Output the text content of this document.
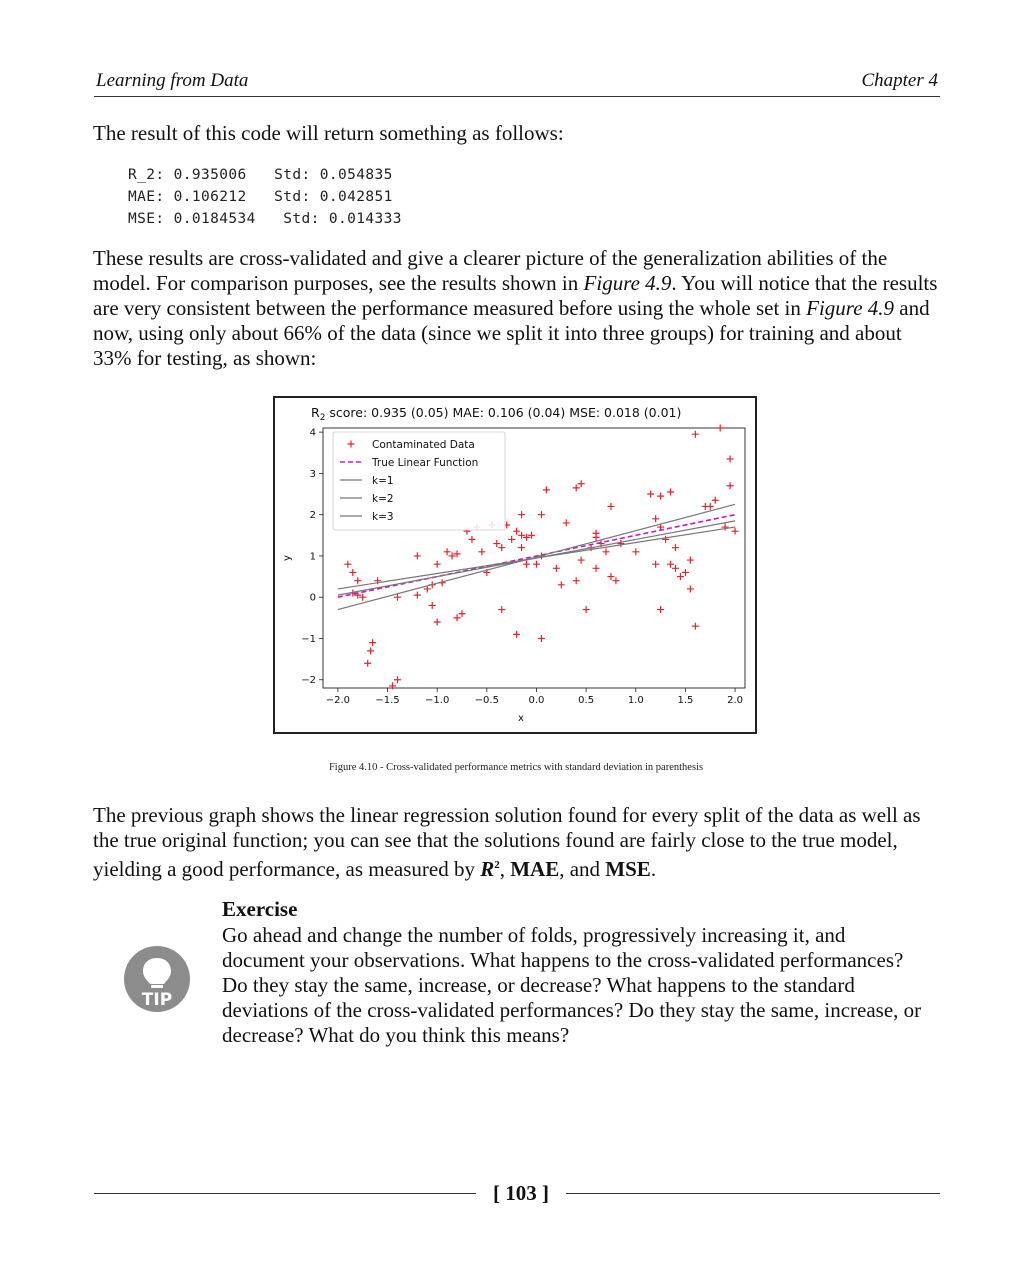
Learning from Data	Chapter 4
The result of this code will return something as follows:
R_2: 0.935006   Std: 0.054835
MAE: 0.106212   Std: 0.042851
MSE: 0.0184534   Std: 0.014333
These results are cross-validated and give a clearer picture of the generalization abilities of the model. For comparison purposes, see the results shown in Figure 4.9. You will notice that the results are very consistent between the performance measured before using the whole set in Figure 4.9 and now, using only about 66% of the data (since we split it into three groups) for training and about 33% for testing, as shown:
$R_2$ score: 0.935 (0.05) MAE: 0.106 (0.04) MSE: 0.018 (0.01)
−2.0	−1.5	−1.0	−0.5	0.0	0.5	1.0	1.5	2.0
−2
−1
0
1
2
3
4
Contaminated Data
True Linear Function
k=1
k=2
k=3
x
y
Figure 4.10 - Cross-validated performance metrics with standard deviation in parenthesis
The previous graph shows the linear regression solution found for every split of the data as well as the true original function; you can see that the solutions found are fairly close to the true model, yielding a good performance, as measured by $R^2$, MAE, and MSE.
TIP
Exercise
Go ahead and change the number of folds, progressively increasing it, and document your observations. What happens to the cross-validated performances? Do they stay the same, increase, or decrease? What happens to the standard deviations of the cross-validated performances? Do they stay the same, increase, or decrease? What do you think this means?
[ 103 ]
